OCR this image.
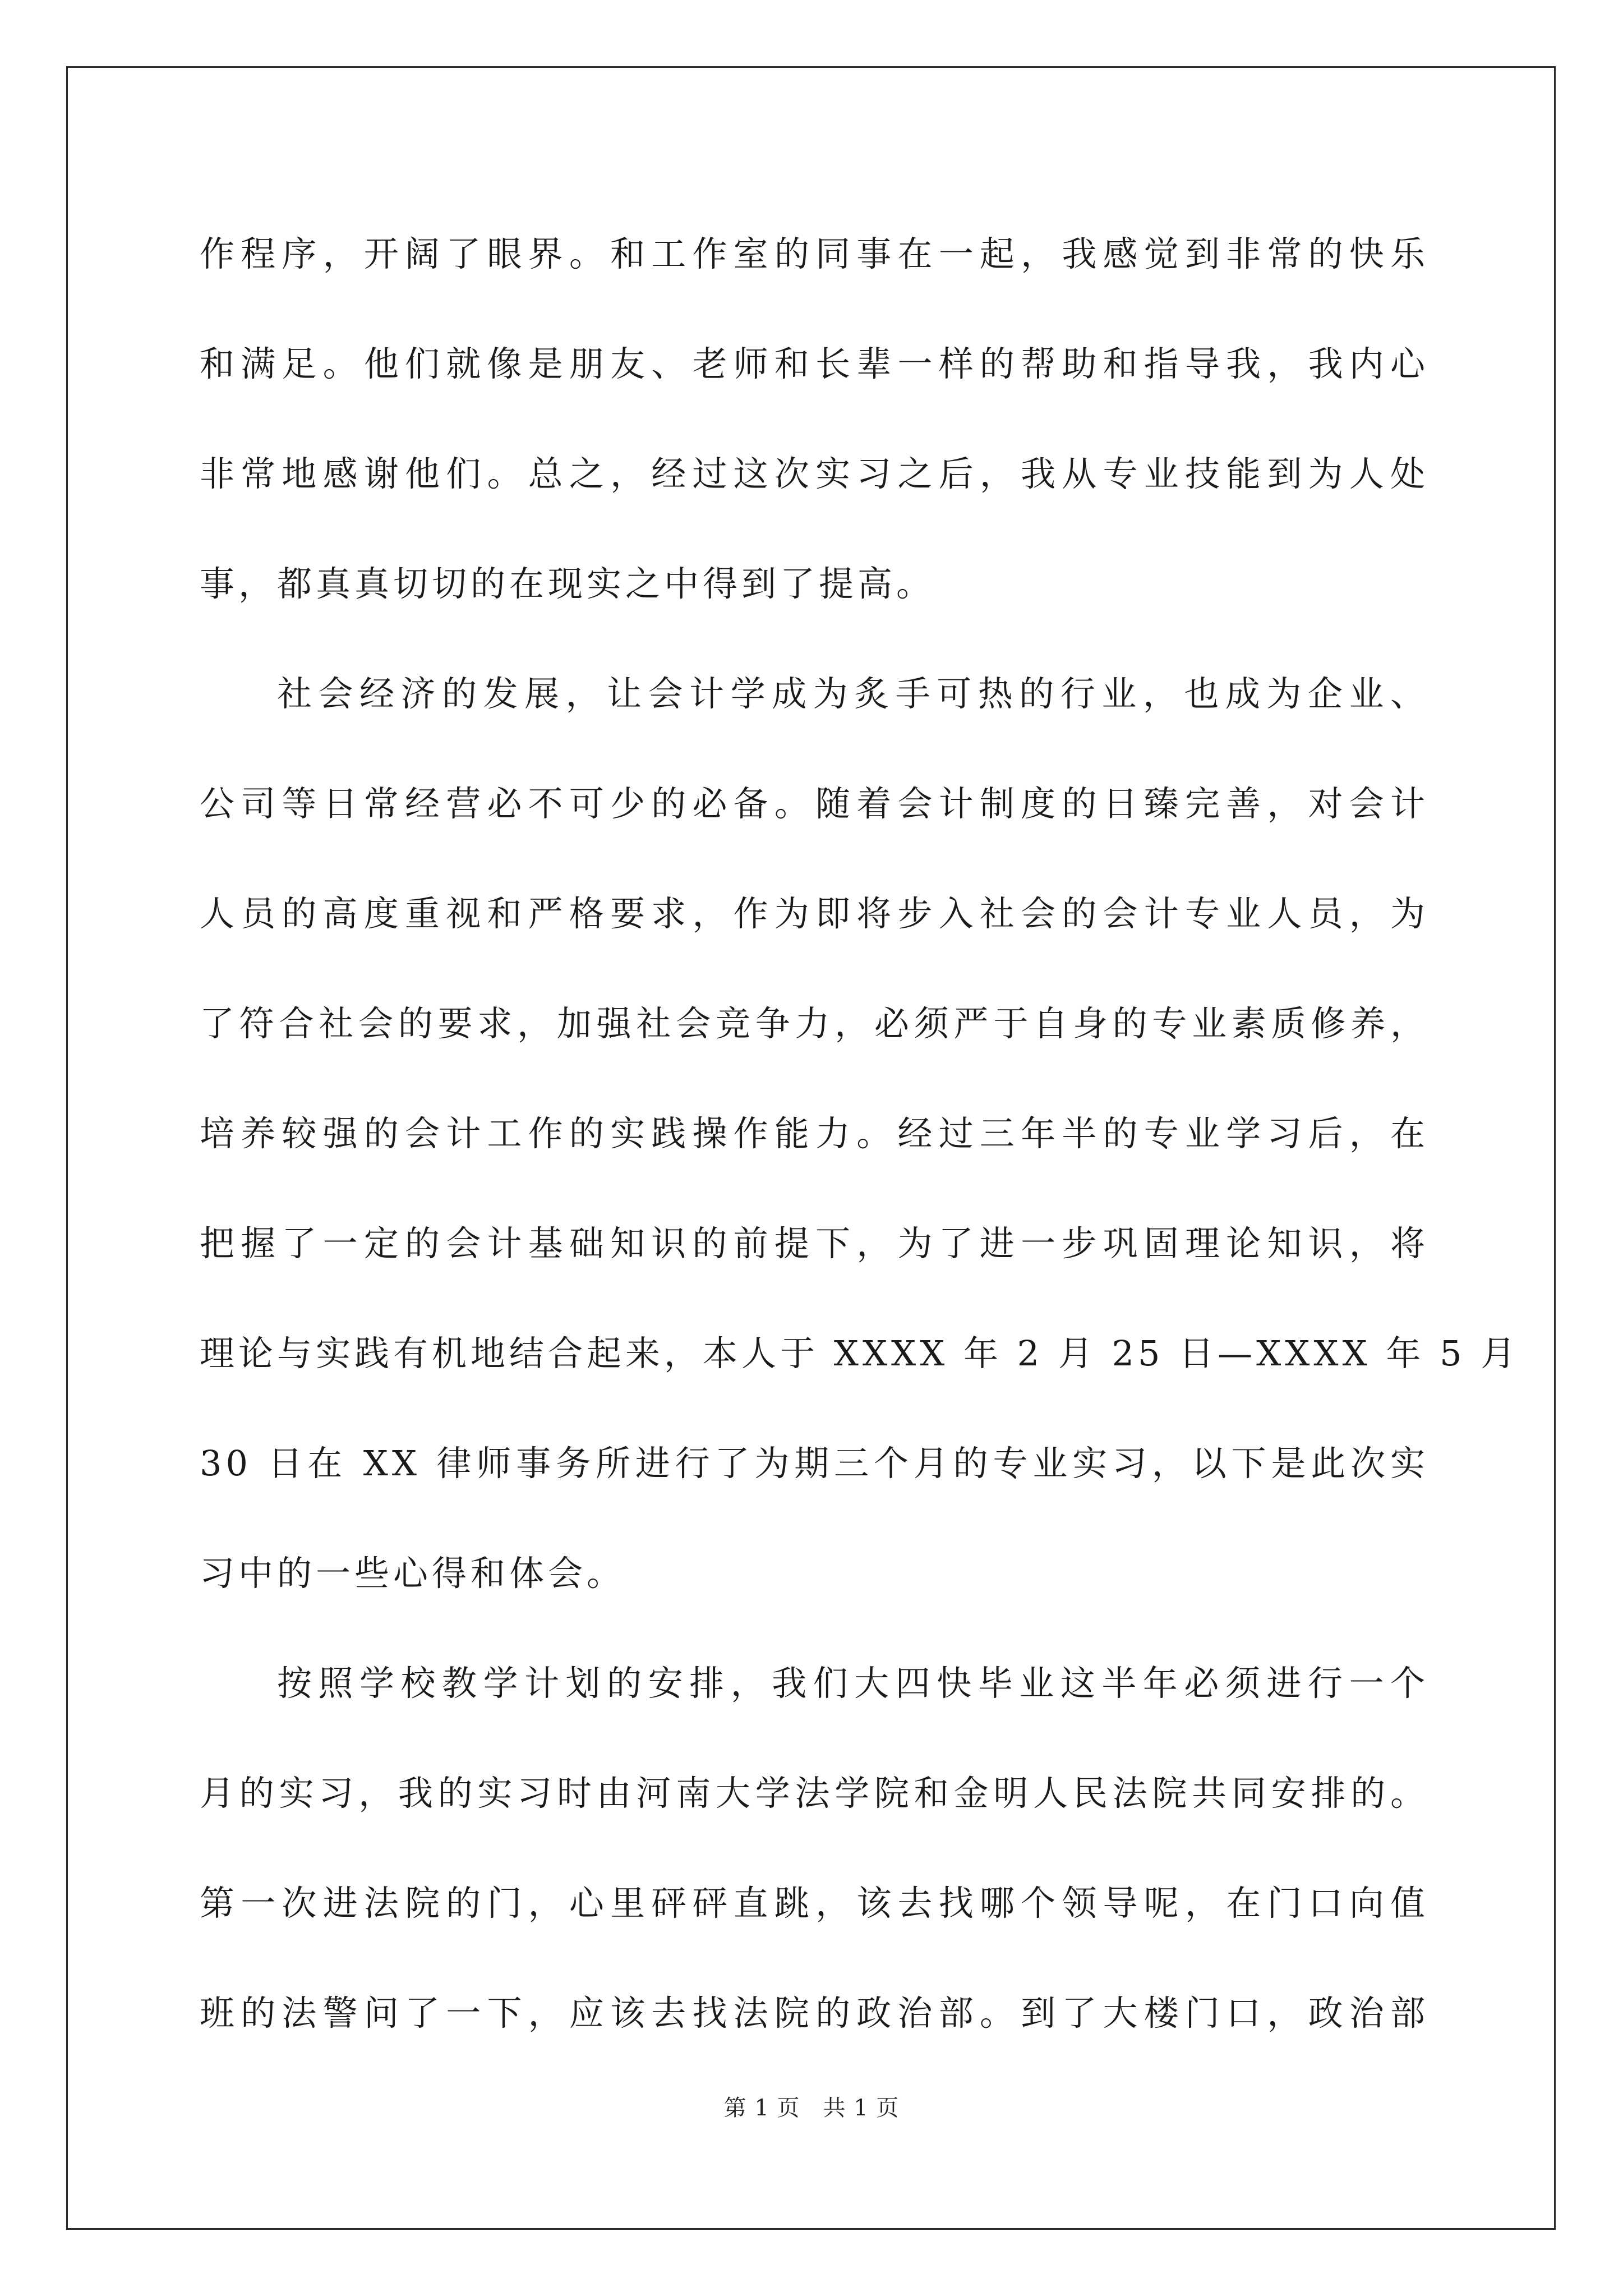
作程序，开阔了眼界。和工作室的同事在一起，我感觉到非常的快乐
和满足。他们就像是朋友、老师和长辈一样的帮助和指导我，我内心
非常地感谢他们。总之，经过这次实习之后，我从专业技能到为人处
事，都真真切切的在现实之中得到了提高。
社会经济的发展，让会计学成为炙手可热的行业，也成为企业、
公司等日常经营必不可少的必备。随着会计制度的日臻完善，对会计
人员的高度重视和严格要求，作为即将步入社会的会计专业人员，为
了符合社会的要求，加强社会竞争力，必须严于自身的专业素质修养，
培养较强的会计工作的实践操作能力。经过三年半的专业学习后，在
把握了一定的会计基础知识的前提下，为了进一步巩固理论知识，将
理论与实践有机地结合起来，本人于 XXXX 年 2 月 25 日—XXXX 年 5 月
30 日在 XX 律师事务所进行了为期三个月的专业实习，以下是此次实
习中的一些心得和体会。
按照学校教学计划的安排，我们大四快毕业这半年必须进行一个
月的实习，我的实习时由河南大学法学院和金明人民法院共同安排的。
第一次进法院的门，心里砰砰直跳，该去找哪个领导呢，在门口向值
班的法警问了一下，应该去找法院的政治部。到了大楼门口，政治部
第 1 页　共 1 页
